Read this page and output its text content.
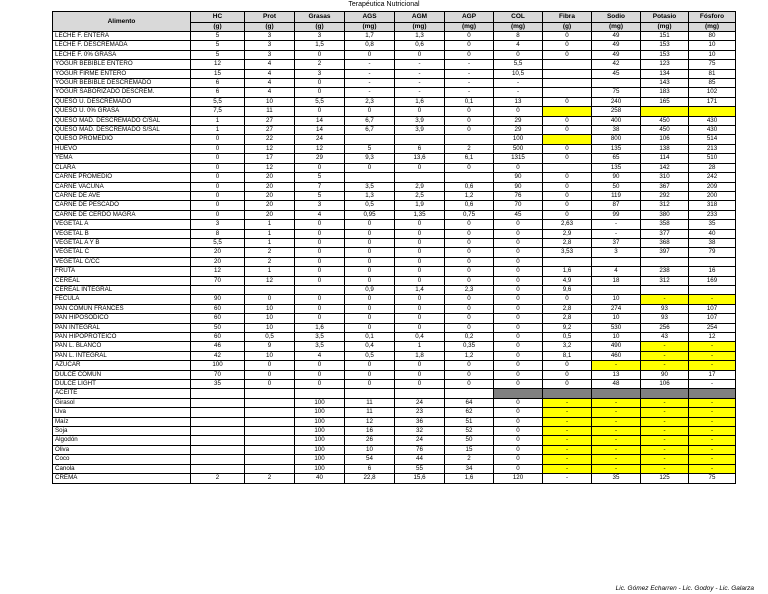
Terapéutica Nutricional
Alimento	HC	Prot	Grasas	AGS	AGM	AGP	COL	Fibra	Sodio	Potasio	Fósforo
	(g)	(g)	(g)	(mg)	(mg)	(mg)	(mg)	(g)	(mg)	(mg)	(mg)
LECHE F. ENTERA	5	3	3	1,7	1,3	0	8	0	49	151	80
LECHE F. DESCREMADA	5	3	1,5	0,8	0,6	0	4	0	49	153	10
LECHE F. 0% GRASA	5	3	0	0	0	0	0	0	49	153	10
YOGUR BEBIBLE ENTERO	12	4	2	-	-	-	5,5		42	123	75
YOGUR FIRME ENTERO	15	4	3	-	-	-	10,5		45	134	81
YOGUR BEBIBLE DESCREMADO	6	4	0	-	-	-	-			143	85
YOGUR SABORIZADO DESCREM.	6	4	0	-	-	-	-		75	183	102
QUESO U. DESCREMADO	5,5	10	5,5	2,3	1,6	0,1	13	0	240	165	171
QUESO U. 0% GRASA	7,5	11	0	0	0	0	0		258		
QUESO MAD. DESCREMADO C/SAL	1	27	14	6,7	3,9	0	29	0	400	450	430
QUESO MAD. DESCREMADO S/SAL	1	27	14	6,7	3,9	0	29	0	38	450	430
QUESO PROMEDIO	0	22	24				100		800	106	514
HUEVO	0	12	12	5	6	2	500	0	135	138	213
YEMA	0	17	29	9,3	13,6	6,1	1315	0	65	114	510
CLARA	0	12	0	0	0	0	0		135	142	28
CARNE PROMEDIO	0	20	5				90	0	90	310	242
CARNE VACUNA	0	20	7	3,5	2,9	0,6	90	0	50	367	209
CARNE DE AVE	0	20	5	1,3	2,5	1,2	76	0	119	292	200
CARNE DE PESCADO	0	20	3	0,5	1,9	0,6	70	0	87	312	318
CARNE DE CERDO MAGRA	0	20	4	0,95	1,35	0,75	45	0	99	380	233
VEGETAL A	3	1	0	0	0	0	0	2,63	-	358	35
VEGETAL B	8	1	0	0	0	0	0	2,9	-	377	40
VEGETAL A Y B	5,5	1	0	0	0	0	0	2,8	37	368	38
VEGETAL C	20	2	0	0	0	0	0	3,53	3	397	79
VEGETAL C/CC	20	2	0	0	0	0	0				
FRUTA	12	1	0	0	0	0	0	1,6	4	238	16
CEREAL	70	12	0	0	0	0	0	4,9	18	312	169
CEREAL INTEGRAL				0,9	1,4	2,3	0	9,6			
FECULA	90	0	0	0	0	0	0	0	10	-	-
PAN COMUN FRANCES	60	10	0	0	0	0	0	2,8	274	93	107
PAN HIPOSODICO	60	10	0	0	0	0	0	2,8	10	93	107
PAN INTEGRAL	50	10	1,6	0	0	0	0	9,2	530	256	254
PAN HIPOPROTEICO	60	0,5	3,5	0,1	0,4	0,2	0	0,5	10	43	12
PAN L. BLANCO	46	9	3,5	0,4	1	0,35	0	3,2	490	-	-
PAN L. INTEGRAL	42	10	4	0,5	1,8	1,2	0	8,1	460	-	-
AZÚCAR	100	0	0	0	0	0	0	0	-	-	-
DULCE COMÚN	70	0	0	0	0	0	0	0	13	90	17
DULCE LIGHT	35	0	0	0	0	0	0	0	48	106	-
ACEITE											
Girasol			100	11	24	64	0	-	-	-	-
Uva			100	11	23	62	0	-	-	-	-
Maíz			100	12	36	51	0	-	-	-	-
Soja			100	16	32	52	0	-	-	-	-
Algodón			100	26	24	50	0	-	-	-	-
Oliva			100	10	76	15	0	-	-	-	-
Coco			100	54	44	2	0	-	-	-	-
Canola			100	6	55	34	0	-	-	-	-
CREMA	2	2	40	22,8	15,6	1,6	120	-	35	125	75
Lic. Gómez Echarren - Lic. Godoy - Lic. Galarza
